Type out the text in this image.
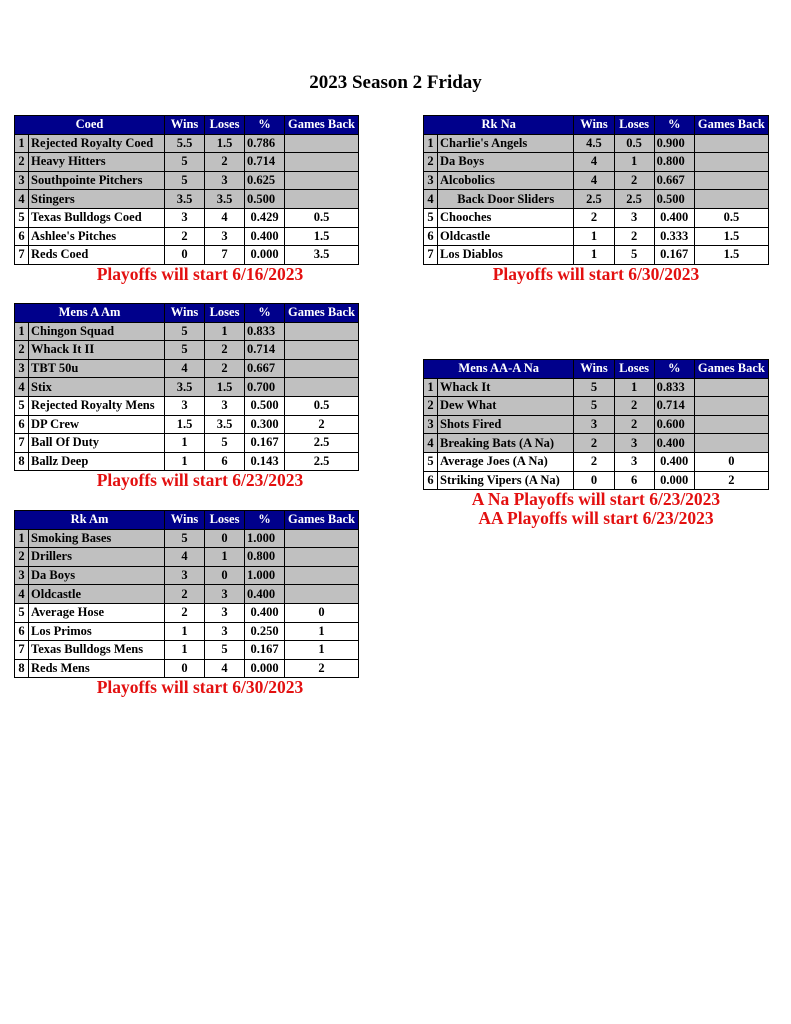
2023 Season 2 Friday
Coed		Wins	Loses	%	Games Back
1	Rejected Royalty Coed	5.5	1.5	0.786	
2	Heavy Hitters	5	2	0.714	
3	Southpointe Pitchers	5	3	0.625	
4	Stingers	3.5	3.5	0.500	
5	Texas Bulldogs Coed	3	4	0.429	0.5
6	Ashlee's Pitches	2	3	0.400	1.5
7	Reds Coed	0	7	0.000	3.5
Playoffs will start 6/16/2023
Rk Na		Wins	Loses	%	Games Back
1	Charlie's Angels	4.5	0.5	0.900	
2	Da Boys	4	1	0.800	
3	Alcobolics	4	2	0.667	
4	Back Door Sliders	2.5	2.5	0.500	
5	Chooches	2	3	0.400	0.5
6	Oldcastle	1	2	0.333	1.5
7	Los Diablos	1	5	0.167	1.5
Playoffs will start 6/30/2023
Mens A Am		Wins	Loses	%	Games Back
1	Chingon Squad	5	1	0.833	
2	Whack It II	5	2	0.714	
3	TBT 50u	4	2	0.667	
4	Stix	3.5	1.5	0.700	
5	Rejected Royalty Mens	3	3	0.500	0.5
6	DP Crew	1.5	3.5	0.300	2
7	Ball Of Duty	1	5	0.167	2.5
8	Ballz Deep	1	6	0.143	2.5
Playoffs will start 6/23/2023
Mens AA-A Na		Wins	Loses	%	Games Back
1	Whack It	5	1	0.833	
2	Dew What	5	2	0.714	
3	Shots Fired	3	2	0.600	
4	Breaking Bats (A Na)	2	3	0.400	
5	Average Joes (A Na)	2	3	0.400	0
6	Striking Vipers (A Na)	0	6	0.000	2
A Na Playoffs will start 6/23/2023
AA Playoffs will start 6/23/2023
Rk Am		Wins	Loses	%	Games Back
1	Smoking Bases	5	0	1.000	
2	Drillers	4	1	0.800	
3	Da Boys	3	0	1.000	
4	Oldcastle	2	3	0.400	
5	Average Hose	2	3	0.400	0
6	Los Primos	1	3	0.250	1
7	Texas Bulldogs Mens	1	5	0.167	1
8	Reds Mens	0	4	0.000	2
Playoffs will start 6/30/2023
